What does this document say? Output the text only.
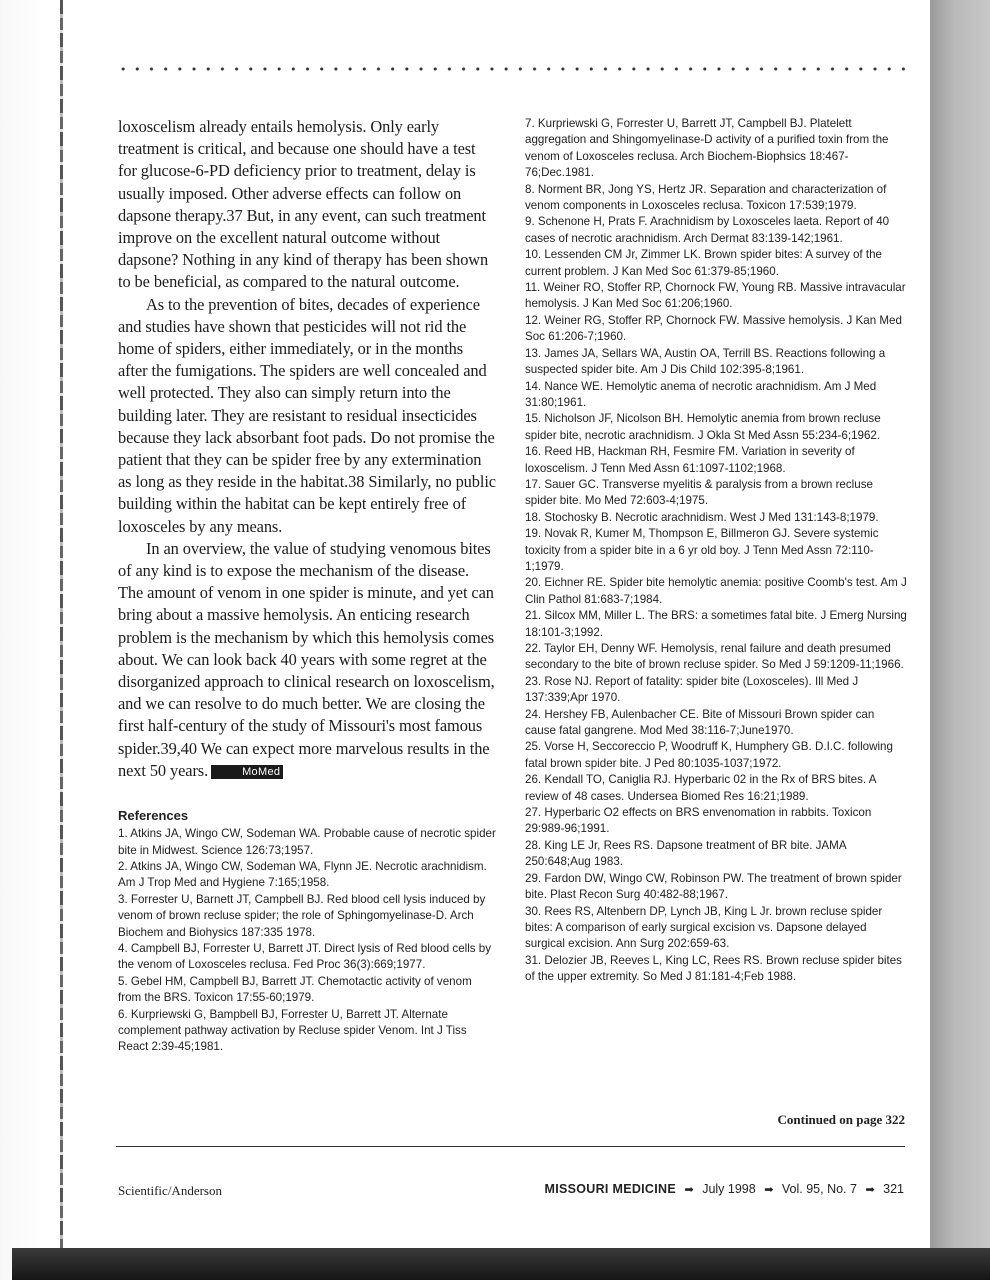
loxoscelism already entails hemolysis. Only early treatment is critical, and because one should have a test for glucose-6-PD deficiency prior to treatment, delay is usually imposed. Other adverse effects can follow on dapsone therapy.37 But, in any event, can such treatment improve on the excellent natural outcome without dapsone? Nothing in any kind of therapy has been shown to be beneficial, as compared to the natural outcome.

As to the prevention of bites, decades of experience and studies have shown that pesticides will not rid the home of spiders, either immediately, or in the months after the fumigations. The spiders are well concealed and well protected. They also can simply return into the building later. They are resistant to residual insecticides because they lack absorbant foot pads. Do not promise the patient that they can be spider free by any extermination as long as they reside in the habitat.38 Similarly, no public building within the habitat can be kept entirely free of loxosceles by any means.

In an overview, the value of studying venomous bites of any kind is to expose the mechanism of the disease. The amount of venom in one spider is minute, and yet can bring about a massive hemolysis. An enticing research problem is the mechanism by which this hemolysis comes about. We can look back 40 years with some regret at the disorganized approach to clinical research on loxoscelism, and we can resolve to do much better. We are closing the first half-century of the study of Missouri's most famous spider.39,40 We can expect more marvelous results in the next 50 years.	MoMed

References

1. Atkins JA, Wingo CW, Sodeman WA. Probable cause of necrotic spider bite in Midwest. Science 126:73;1957.

2. Atkins JA, Wingo CW, Sodeman WA, Flynn JE. Necrotic arachnidism. Am J Trop Med and Hygiene 7:165;1958.

3. Forrester U, Barnett JT, Campbell BJ. Red blood cell lysis induced by venom of brown recluse spider; the role of Sphingomyelinase-D. Arch Biochem and Biohysics 187:335 1978.

4. Campbell BJ, Forrester U, Barrett JT. Direct lysis of Red blood cells by the venom of Loxosceles reclusa. Fed Proc 36(3):669;1977.

5. Gebel HM, Campbell BJ, Barrett JT. Chemotactic activity of venom from the BRS. Toxicon 17:55-60;1979.

6. Kurpriewski G, Bampbell BJ, Forrester U, Barrett JT. Alternate complement pathway activation by Recluse spider Venom. Int J Tiss React 2:39-45;1981.

7. Kurpriewski G, Forrester U, Barrett JT, Campbell BJ. Platelett aggregation and Shingomyelinase-D activity of a purified toxin from the venom of Loxosceles reclusa. Arch Biochem-Biophsics 18:467-76;Dec.1981.

8. Norment BR, Jong YS, Hertz JR. Separation and characterization of venom components in Loxosceles reclusa. Toxicon 17:539;1979.

9. Schenone H, Prats F. Arachnidism by Loxosceles laeta. Report of 40 cases of necrotic arachnidism. Arch Dermat 83:139-142;1961.

10. Lessenden CM Jr, Zimmer LK. Brown spider bites: A survey of the current problem. J Kan Med Soc 61:379-85;1960.

11. Weiner RO, Stoffer RP, Chornock FW, Young RB. Massive intravacular hemolysis. J Kan Med Soc 61:206;1960.

12. Weiner RG, Stoffer RP, Chornock FW. Massive hemolysis. J Kan Med Soc 61:206-7;1960.

13. James JA, Sellars WA, Austin OA, Terrill BS. Reactions following a suspected spider bite. Am J Dis Child 102:395-8;1961.

14. Nance WE. Hemolytic anema of necrotic arachnidism. Am J Med 31:80;1961.

15. Nicholson JF, Nicolson BH. Hemolytic anemia from brown recluse spider bite, necrotic arachnidism. J Okla St Med Assn 55:234-6;1962.

16. Reed HB, Hackman RH, Fesmire FM. Variation in severity of loxoscelism. J Tenn Med Assn 61:1097-1102;1968.

17. Sauer GC. Transverse myelitis & paralysis from a brown recluse spider bite. Mo Med 72:603-4;1975.

18. Stochosky B. Necrotic arachnidism. West J Med 131:143-8;1979.

19. Novak R, Kumer M, Thompson E, Billmeron GJ. Severe systemic toxicity from a spider bite in a 6 yr old boy. J Tenn Med Assn 72:110-1;1979.

20. Eichner RE. Spider bite hemolytic anemia: positive Coomb's test. Am J Clin Pathol 81:683-7;1984.

21. Silcox MM, Miller L. The BRS: a sometimes fatal bite. J Emerg Nursing 18:101-3;1992.

22. Taylor EH, Denny WF. Hemolysis, renal failure and death presumed secondary to the bite of brown recluse spider. So Med J 59:1209-11;1966.

23. Rose NJ. Report of fatality: spider bite (Loxosceles). Ill Med J 137:339;Apr 1970.

24. Hershey FB, Aulenbacher CE. Bite of Missouri Brown spider can cause fatal gangrene. Mod Med 38:116-7;June1970.

25. Vorse H, Seccoreccio P, Woodruff K, Humphery GB. D.I.C. following fatal brown spider bite. J Ped 80:1035-1037;1972.

26. Kendall TO, Caniglia RJ. Hyperbaric 02 in the Rx of BRS bites. A review of 48 cases. Undersea Biomed Res 16:21;1989.

27. Hyperbaric O2 effects on BRS envenomation in rabbits. Toxicon 29:989-96;1991.

28. King LE Jr, Rees RS. Dapsone treatment of BR bite. JAMA 250:648;Aug 1983.

29. Fardon DW, Wingo CW, Robinson PW. The treatment of brown spider bite. Plast Recon Surg 40:482-88;1967.

30. Rees RS, Altenbern DP, Lynch JB, King L Jr. brown recluse spider bites: A comparison of early surgical excision vs. Dapsone delayed surgical excision. Ann Surg 202:659-63.

31. Delozier JB, Reeves L, King LC, Rees RS. Brown recluse spider bites of the upper extremity. So Med J 81:181-4;Feb 1988.

Continued on page 322
Scientific/Anderson	MISSOURI MEDICINE ➡ July 1998 ➡ Vol. 95, No. 7 ➡ 321
